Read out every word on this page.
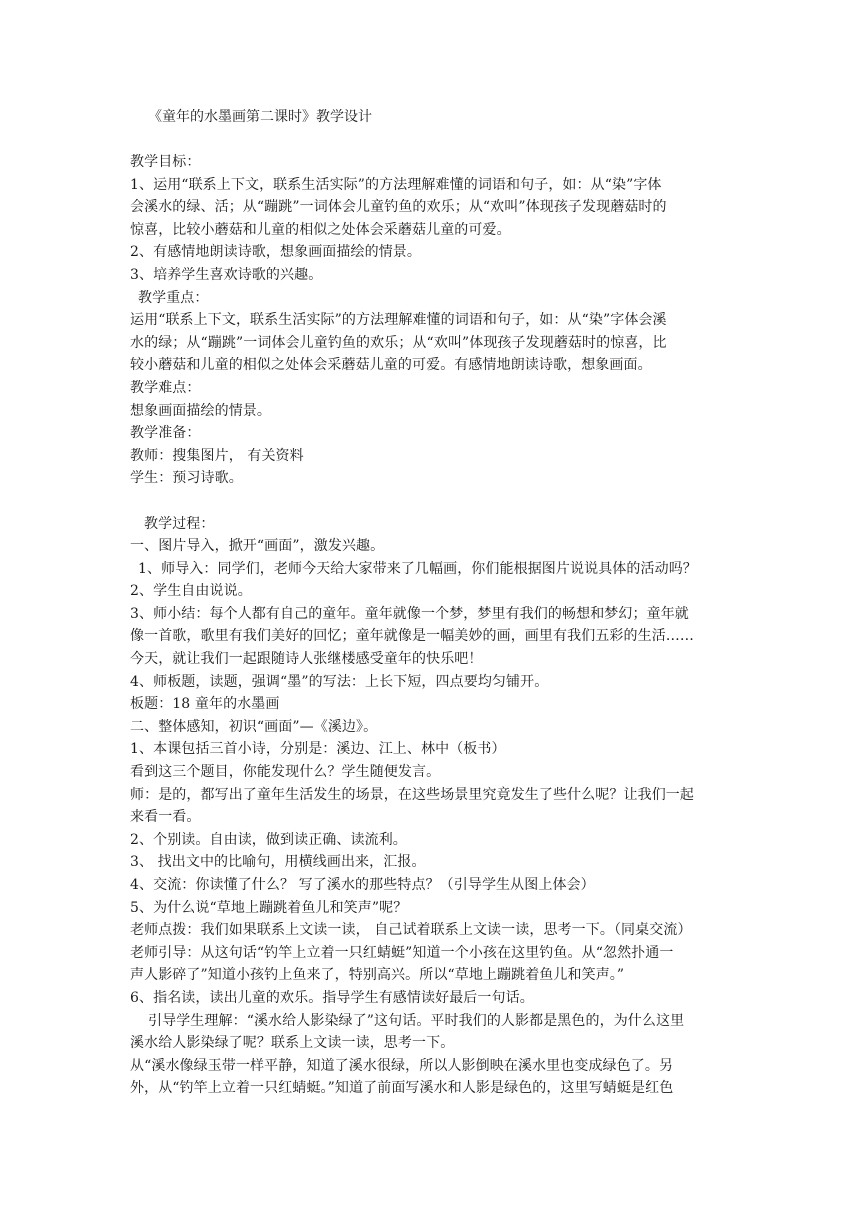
《童年的水墨画第二课时》教学设计
教学目标：
1、运用“联系上下文，联系生活实际”的方法理解难懂的词语和句子，如：从“染”字体
会溪水的绿、活；从“蹦跳”一词体会儿童钓鱼的欢乐；从“欢叫”体现孩子发现蘑菇时的
惊喜，比较小蘑菇和儿童的相似之处体会采蘑菇儿童的可爱。
2、有感情地朗读诗歌，想象画面描绘的情景。
3、培养学生喜欢诗歌的兴趣。
教学重点：
运用“联系上下文，联系生活实际”的方法理解难懂的词语和句子，如：从“染”字体会溪
水的绿；从“蹦跳”一词体会儿童钓鱼的欢乐；从“欢叫”体现孩子发现蘑菇时的惊喜，比
较小蘑菇和儿童的相似之处体会采蘑菇儿童的可爱。有感情地朗读诗歌，想象画面。
教学难点：
想象画面描绘的情景。
教学准备：
教师：搜集图片， 有关资料
学生：预习诗歌。
教学过程：
一、图片导入，掀开“画面”，激发兴趣。
1、师导入：同学们，老师今天给大家带来了几幅画，你们能根据图片说说具体的活动吗？
2、学生自由说说。
3、师小结：每个人都有自己的童年。童年就像一个梦，梦里有我们的畅想和梦幻；童年就
像一首歌，歌里有我们美好的回忆；童年就像是一幅美妙的画，画里有我们五彩的生活……
今天，就让我们一起跟随诗人张继楼感受童年的快乐吧！
4、师板题，读题，强调“墨”的写法：上长下短，四点要均匀铺开。
板题：18 童年的水墨画
二、整体感知，初识“画面”—《溪边》。
1、本课包括三首小诗，分别是：溪边、江上、林中（板书）
看到这三个题目，你能发现什么？学生随便发言。
师：是的，都写出了童年生活发生的场景，在这些场景里究竟发生了些什么呢？让我们一起
来看一看。
2、个别读。自由读，做到读正确、读流利。
3、 找出文中的比喻句，用横线画出来，汇报。
4、交流：你读懂了什么？ 写了溪水的那些特点？（引导学生从图上体会）
5、为什么说“草地上蹦跳着鱼儿和笑声”呢？
老师点拨：我们如果联系上文读一读， 自己试着联系上文读一读，思考一下。（同桌交流）
老师引导：从这句话“钓竿上立着一只红蜻蜓”知道一个小孩在这里钓鱼。从“忽然扑通一
声人影碎了”知道小孩钓上鱼来了，特别高兴。所以“草地上蹦跳着鱼儿和笑声。”
6、指名读，读出儿童的欢乐。指导学生有感情读好最后一句话。
引导学生理解：“溪水给人影染绿了”这句话。平时我们的人影都是黑色的，为什么这里
溪水给人影染绿了呢？联系上文读一读，思考一下。
从“溪水像绿玉带一样平静，知道了溪水很绿，所以人影倒映在溪水里也变成绿色了。另
外，从“钓竿上立着一只红蜻蜓。”知道了前面写溪水和人影是绿色的，这里写蜻蜓是红色
